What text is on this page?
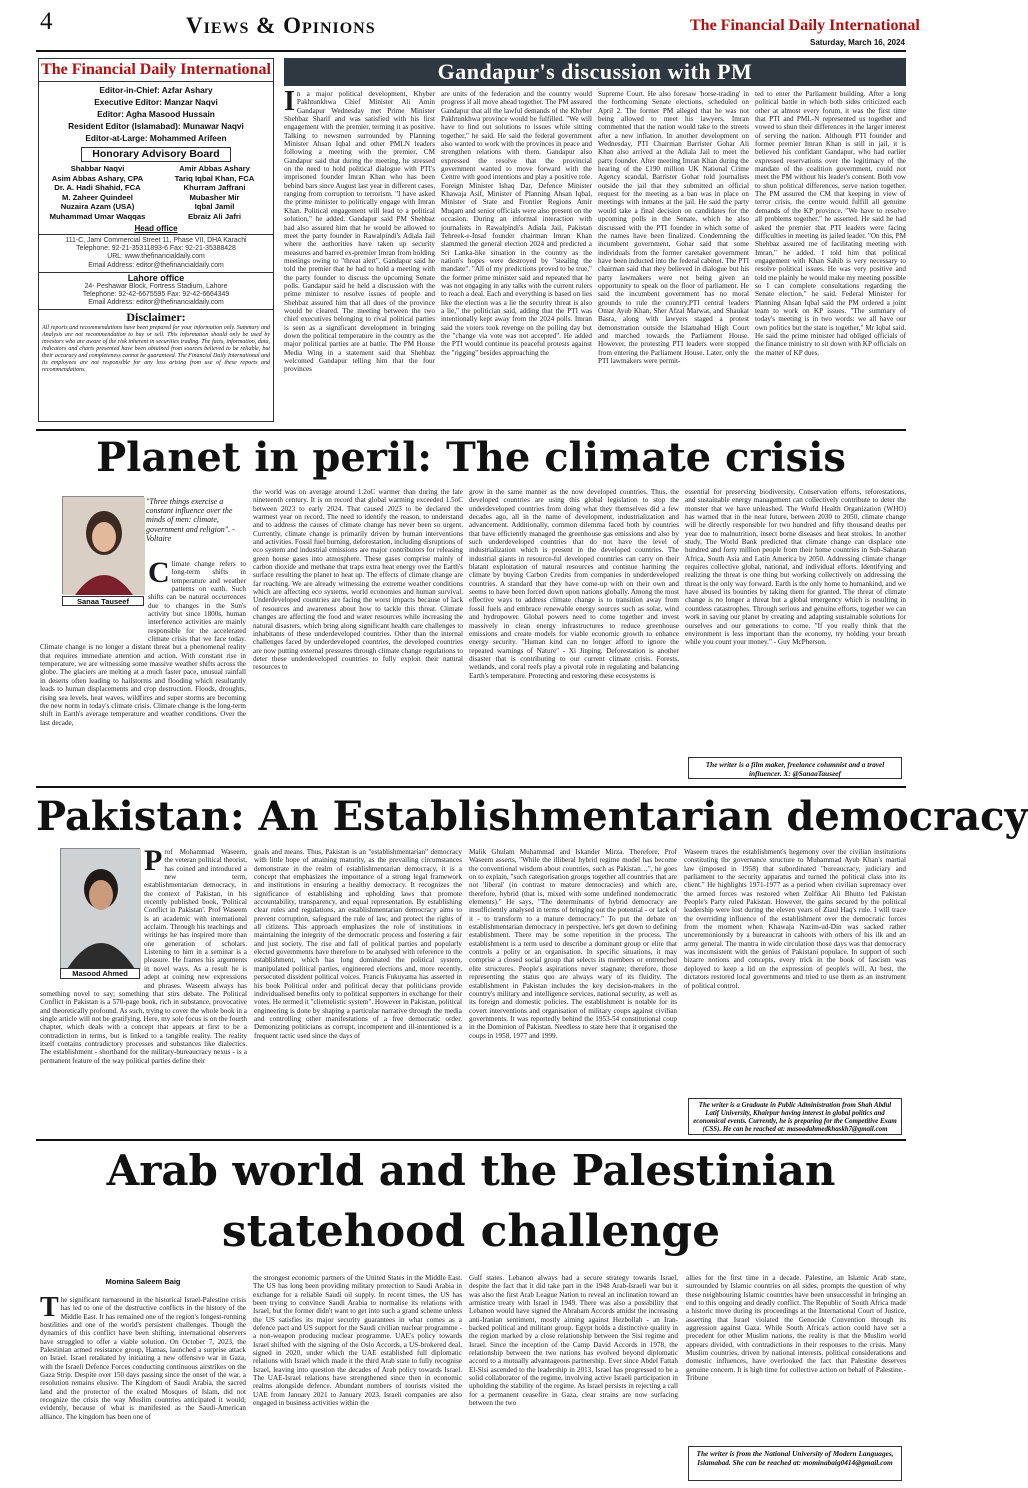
4	Views & Opinions	The Financial Daily International
Saturday, March 16, 2024
The Financial Daily International
Editor-in-Chief: Azfar Ashary
Executive Editor: Manzar Naqvi
Editor: Agha Masood Hussain
Resident Editor (Islamabad): Munawar Naqvi
Editor-at-Large: Mohammed Arifeen
Honorary Advisory Board
Shabbar Naqvi
Asim Abbas Ashary, CPA
Dr. A. Hadi Shahid, FCA
M. Zaheer Quindeel
Nuzaira Azam (USA)
Muhammad Umar Waqqas
Amir Abbas Ashary
Tariq Iqbal Khan, FCA
Khurram Jaffrani
Mubasher Mir
Iqbal Jamil
Ebraiz Ali Jafri
Head office
111-C, Jami Commercial Street 11, Phase VII, DHA Karachi
Telephone: 92-21-35311893-6 Fax: 92-21-35388428
URL: www.thefinancialdaily.com
Email Address: editor@thefinancialdaily.com
Lahore office
24- Peshawar Block, Fortress Stadium, Lahore
Telephone: 92-42-6675595 Fax: 92-42-6664349
Email Address: editor@thefinancialdaily.com
Disclaimer:
All reports and recommendations have been prepared for your information only. Summary and Analysis are not recommendation to buy or sell. This information should only be used by investors who are aware of the risk inherent in securities trading. The facts, information, data, indicators and charts presented have been obtained from sources believed to be reliable, but their accuracy and completeness cannot be guaranteed. The Financial Daily International and its employees are not responsible for any loss arising from use of these reports and recommendations.
Gandapur's discussion with PM
In a major political development, Khyber Pakhtunkhwa Chief Minister Ali Amin Gandapur Wednesday met Prime Minister Shehbaz Sharif and was satisfied with his first engagement with the premier, terming it as positive. Talking to newsmen surrounded by Planning Minister Ahsan Iqbal and other PMLN leaders following a meeting with the premier, CM Gandapur said that during the meeting, he stressed on the need to hold political dialogue with PTI's imprisoned founder Imran Khan who has been behind bars since August last year in different cases, ranging from corruption to terrorism. "I have asked the prime minister to politically engage with Imran Khan. Political engagement will lead to a political solution," he added. Gandapur said PM Shehbaz had also assured him that he would be allowed to meet the party founder in Rawalpindi's Adiala Jail where the authorities have taken up security measures and barred ex-premier Imran from holding meetings owing to "threat alert". Gandapur said he told the premier that he had to hold a meeting with the party founder to discuss the upcoming Senate polls. Gandapur said he held a discussion with the prime minister to resolve issues of people and Shehbaz assured him that all dues of the province would be cleared. The meeting between the two chief executives belonging to rival political parties is seen as a significant development in bringing down the political temperature in the country as the major political parties are at battle. The PM House Media Wing in a statement said that Shehbaz welcomed Gandapur telling him that the four provinces
are units of the federation and the country would progress if all move ahead together. The PM assured Gandapur that all the lawful demands of the Khyber Pakhtunkhwa province would be fulfilled. "We will have to find out solutions to issues while sitting together," he said. He said the federal government also wanted to work with the provinces in peace and strengthen relations with them. Gandapur also expressed the resolve that the provincial government wanted to move forward with the Centre with good intentions and play a positive role. Foreign Minister Ishaq Dar, Defence Minister Khawaja Asif, Minister of Planning Ahsan Iqbal, Minister of State and Frontier Regions Amir Muqam and senior officials were also present on the occasion. During an informal interaction with journalists in Rawalpindi's Adiala Jail, Pakistan Tehreek-e-Insaf founder chairman Imran Khan slammed the general election 2024 and predicted a Sri Lanka-like situation in the country as the nation's hopes were destroyed by "stealing the mandate". "All of my predictions proved to be true," the former prime minister said and repeated that he was not engaging in any talks with the current rulers to reach a deal. Each and everything is based on lies like the election was a lie the security threat is also a lie," the politician said, adding that the PTI was intentionally kept away from the 2024 polls. Imran said the voters took revenge on the polling day but the "change via vote was not accepted". He added the PTI would continue its peaceful protests against the "rigging" besides approaching the
Supreme Court. He also foresaw 'horse-trading' in the forthcoming Senate elections, scheduled on April 2. The former PM alleged that he was not being allowed to meet his lawyers. Imran commented that the nation would take to the streets after a new inflation. In another development on Wednesday, PTI Chairman Barrister Gohar Ali Khan also arrived at the Adiala Jail to meet the party founder. After meeting Imran Khan during the hearing of the £190 million UK National Crime Agency scandal, Barrister Gohar told journalists outside the jail that they submitted an official request for the meeting as a ban was in place on meetings with inmates at the jail. He said the party would take a final decision on candidates for the upcoming polls in the Senate, which he also discussed with the PTI founder in which some of the names have been finalized. Condemning the incumbent government, Gohar said that some individuals from the former caretaker government have been inducted into the federal cabinet. The PTI chairman said that they believed in dialogue but his party lawmakers were not being given an opportunity to speak on the floor of parliament. He said the incumbent government has no moral grounds to rule the country.PTI central leaders Omar Ayub Khan, Sher Afzal Marwat, and Shaukat Basra, along with lawyers staged a protest demonstration outside the Islamabad High Court and marched towards the Parliament House. However, the protesting PTI leaders were stopped from entering the Parliament House. Later, only the PTI lawmakers were permit-
ted to enter the Parliament building. After a long political battle in which both sides criticized each other at almost every forum, it was the first time that PTI and PML-N represented us together and vowed to shun their differences in the larger interest of serving the nation. Although PTI founder and former premier Imran Khan is still in jail, it is believed his confidant Gandapur, who had earlier expressed reservations over the legitimacy of the mandate of the coalition government, could not meet the PM without his leader's consent. Both vow to shun political differences, serve nation together. The PM assured the CM that keeping in view of terror crisis, the centre would fulfill all genuine demands of the KP province. "We have to resolve all problems together," he asserted. He said he had asked the premier that PTI leaders were facing difficulties in meeting its jailed leader. "On this, PM Shehbaz assured me of facilitating meeting with Imran," he added. I told him that political engagement with Khan Sahib is very necessary to resolve political issues. He was very positive and told me plainly he would make my meeting possible so I can complete consultations regarding the Senate election," he said. Federal Minister for Planning Ahsan Iqbal said the PM ordered a joint team to work on KP issues. "The summary of today's meeting is in two words: we all have our own politics but the state is together," Mr Iqbal said. He said the prime minister had obliged officials of the finance ministry to sit down with KP officials on the matter of KP dues.
Planet in peril: The climate crisis
"Three things exercise a constant influence over the minds of men: climate, government and religion". - Voltaire
Sanaa Tauseef
Climate change refers to long-term shifts in temperature and weather patterns on earth. Such shifts can be natural occurrences due to changes in the Sun's activity but since 1800s, human interference activities are mainly responsible for the accelerated climate crisis that we face today. Climate change is no longer a distant threat but a phenomenal reality that requires immediate attention and action. With constant rise in temperature, we are witnessing some massive weather shifts across the globe. The glaciers are melting at a much faster pace, unusual rainfall in deserts often leading to hailstorms and flooding which resultantly leads to human displacements and crop destruction. Floods, droughts, rising sea levels, heat waves, wildfires and super storms are becoming the new norm in today's climate crisis. Climate change is the long-term shift in Earth's average temperature and weather conditions. Over the last decade,
the world was on average around 1.2oC warmer than during the late nineteenth century. It is on record that global warming exceeded 1.5oC between 2023 to early 2024. That caused 2023 to be declared the warmest year on record. The need to identify the reason, to understand and to address the causes of climate change has never been so urgent. Currently, climate change is primarily driven by human interventions and activities. Fossil fuel burning, deforestation, including disruptions of eco system and industrial emissions are major contributors for releasing green house gases into atmosphere. These gases comprise mainly of carbon dioxide and methane that traps extra heat energy over the Earth's surface resulting the planet to heat up. The effects of climate change are far reaching. We are already witnessing the extreme weather conditions which are affecting eco systems, world economies and human survival. Underdeveloped countries are facing the worst impacts because of lack of resources and awareness about how to tackle this threat. Climate changes are affecting the food and water resources while increasing the natural disasters, which bring along significant health care challenges to inhabitants of these underdeveloped countries. Other than the internal challenges faced by underdeveloped countries, the developed countries are now putting external pressures through climate change regulations to deter these underdeveloped countries to fully exploit their natural resources to
grow in the same manner as the now developed countries. Thus, the developed countries are using this global legislation to stop the underdeveloped countries from doing what they themselves did a few decades ago, all in the name of development, industrialization and advancement. Additionally, common dilemma faced both by countries that have efficiently managed the greenhouse gas emissions and also by such underdeveloped countries that do not have the level of industrialization which is present in the developed countries. The industrial giants in resource-ful developed countries can carry on their blatant exploitation of natural resources and continue harming the climate by buying Carbon Credits from companies in underdeveloped countries. A standard that they have come-up with on their own and seems to have been forced down upon nations globally. Among the most effective ways to address climate change is to transition away from fossil fuels and embrace renewable energy sources such as solar, wind and hydropower. Global powers need to come together and invest massively in clean energy infrastructures to reduce greenhouse emissions and create models for viable economic growth to enhance energy security. "Human kind can no longer afford to ignore the repeated warnings of Nature" - Xi Jinping. Deforestation is another disaster that is contributing to our current climate crisis. Forests, wetlands, and coral reefs play a pivotal role in regulating and balancing Earth's temperature. Protecting and restoring these ecosystems is
essential for preserving biodiversity. Conservation efforts, reforestations, and sustainable energy management can collectively contribute to deter the monster that we have unleashed. The World Health Organization (WHO) has warned that in the near future, between 2030 to 2050, climate change will be directly responsible for two hundred and fifty thousand deaths per year due to malnutrition, insect borne diseases and heat strokes. In another study, The World Bank predicted that climate change can displace one hundred and forty million people from their home countries in Sub-Saharan Africa, South Asia and Latin America by 2050. Addressing climate change requires collective global, national, and individual efforts. Identifying and realizing the threat is one thing but working collectively on addressing the threat is the only way forward. Earth is the only home to humankind, and we have abused its bounties by taking them for granted. The threat of climate change is no longer a threat but a global emergency which is resulting in countless catastrophes. Through serious and genuine efforts, together we can work in saving our planet by creating and adapting sustainable solutions for ourselves and our generations to come. "If you really think that the environment is less important than the economy, try holding your breath while you count your money." - Guy McPherson.
The writer is a film maker, freelance columnist and a travel influencer. X: @SanaaTauseef
Pakistan: An Establishmentarian democracy
Masood Ahmed
Prof Mohammad Waseem, the veteran political theorist, has coined and introduced a new term, establishmentarian democracy, in the context of Pakistan, in his recently published book, 'Political Conflict in Pakistan'. Prof Waseem is an academic with international acclaim. Through his teachings and writings he has inspired more than one generation of scholars. Listening to him in a seminar is a pleasure. He frames his arguments in novel ways. As a result he is adept at coining new expressions and phrases. Waseem always has something novel to say; something that stirs debate. The Political Conflict in Pakistan is a 570-page book, rich in substance, provocative and theoretically profound. As such, trying to cover the whole book in a single article will not be gratifying. Here, my sole focus is on the fourth chapter, which deals with a concept that appears at first to be a contradiction in terms, but is linked to a tangible reality. The reality itself contains contradictory processes and substances like dialectics. The establishment - shorthand for the military-bureaucracy nexus - is a permanent feature of the way political parties define their
goals and means. Thus, Pakistan is an "establishmentarian" democracy with little hope of attaining maturity, as the prevailing circumstances demonstrate in the realm of establishmentarian democracy, it is a concept that emphasizes the importance of a strong legal framework and institutions in ensuring a healthy democracy. It recognizes the significance of establishing and upholding laws that promote accountability, transparency, and equal representation. By establishing clear rules and regulations, an establishmentarian democracy aims to prevent corruption, safeguard the rule of law, and protect the rights of all citizens. This approach emphasizes the role of institutions in maintaining the integrity of the democratic process and fostering a fair and just society. The rise and fall of political parties and popularly elected governments have therefore to be analysed with reference to the establishment, which has long dominated the political system, manipulated political parties, engineered elections and, more recently, persecuted dissident political voices. Francis Fukuyama has asserted in his book Political order and political decay that politicians provide individualised benefits only to political supporters in exchange for their votes. He termed it "clientelistic system". However in Pakistan, political engineering is done by shaping a particular narrative through the media and controlling other manifestations of a free democratic order. Demonizing politicians as corrupt, incompetent and ill-intentioned is a frequent tactic used since the days of
Malik Ghulam Muhammad and Iskander Mirza. Therefore, Prof Waseem asserts, "While the illiberal hybrid regime model has become the conventional wisdom about countries, such as Pakistan…", he goes on to explain, "such categorisation groups together all countries that are not 'liberal' (in contrast to mature democracies) and which are, therefore, hybrid (that is, mixed with some undefined nondemocratic elements)." He says, "The determinants of hybrid democracy are insufficiently analysed in terms of bringing out the potential - or lack of it - to transform to a mature democracy." To put the debate on establishmentarian democracy in perspective, let's get down to defining establishment. There may be some repetition in the process. The establishment is a term used to describe a dominant group or elite that controls a polity or an organisation. In specific situations, it may comprise a closed social group that selects its members or entrenched elite structures. People's aspirations never stagnate; therefore, those representing the status quo are always wary of its fluidity. The establishment in Pakistan includes the key decision-makers in the country's military and intelligence services, national security, as well as its foreign and domestic policies. The establishment is notable for its covert interventions and organisation of military coups against civilian governments. It was reportedly behind the 1953-54 constitutional coup in the Dominion of Pakistan. Needless to state here that it organised the coups in 1958, 1977 and 1999.
Waseem traces the establishment's hegemony over the civilian institutions constituting the governance structure to Muhammad Ayub Khan's martial law (imposed in 1958) that subordinated "bureaucracy, judiciary and parliament to the security apparatus and turned the political class into its client." He highlights 1971-1977 as a period when civilian supremacy over the armed forces was restored when Zulfikar Ali Bhutto led Pakistan People's Party ruled Pakistan. However, the gains secured by the political leadership were lost during the eleven years of Ziaul Haq's rule. I will trace the overriding influence of the establishment over the democratic forces from the moment when Khawaja Nazim-ud-Din was sacked rather unceremoniously by a bureaucrat in cahoots with others of his ilk and an army general. The mantra in wide circulation those days was that democracy was inconsistent with the genius of Pakistani populace. In support of such bizarre notions and concepts, every trick in the book of fascism was deployed to keep a lid on the expression of people's will. At best, the dictators restored local governments and tried to use them as an instrument of political control.
The writer is a Graduate in Public Administration from Shah Abdul Latif University, Khairpur having interest in global politics and economical events. Currently, he is preparing for the Competitive Exam (CSS). He can be reached at: masoodahmedkhaskh7@gmail.com
Arab world and the Palestinian
statehood challenge
Momina Saleem Baig
The significant turnaround in the historical Israel-Palestine crisis has led to one of the destructive conflicts in the history of the Middle East. It has remained one of the region's longest-running hostilities and one of the world's persistent challenges. Though the dynamics of this conflict have been shifting, international observers have struggled to offer a viable solution. On October 7, 2023, the Palestinian armed resistance group, Hamas, launched a surprise attack on Israel. Israel retaliated by initiating a new offensive war in Gaza, with the Israeli Defence Forces conducting continuous airstrikes on the Gaza Strip. Despite over 150 days passing since the onset of the war, a resolution remains elusive. The Kingdom of Saudi Arabia, the sacred land and the protector of the exalted Mosques of Islam, did not recognize the crisis the way Muslim countries anticipated it would; evidently, because of what is manifested as the Saudi-American alliance. The kingdom has been one of
the strongest economic partners of the United States in the Middle East. The US has long been providing military protection to Saudi Arabia in exchange for a reliable Saudi oil supply. In recent times, the US has been trying to convince Saudi Arabia to normalise its relations with Israel, but the former didn't want to get into such a grand scheme unless the US satisfies its major security guarantees in what comes as a defence pact and US support for the Saudi civilian nuclear programme - a non-weapon producing nuclear programme. UAE's policy towards Israel shifted with the signing of the Oslo Accords, a US-brokered deal, signed in 2020, under which the UAE established full diplomatic relations with Israel which made it the third Arab state to fully recognise Israel, leaving into question the decades of Arab policy towards Israel. The UAE-Israel relations have strengthened since then in economic realms alongside defence. Abundant numbers of tourists visited the UAE from January 2021 to January 2023. Israeli companies are also engaged in business activities within the
Gulf states. Lebanon always had a secure strategy towards Israel, despite the fact that it did take part in the 1948 Arab-Israeli war but it was also the first Arab League Nation to reveal an inclination toward an armistice treaty with Israel in 1949. There was also a possibility that Lebanon would have signed the Abraham Accords amidst the increasing anti-Iranian sentiment, mostly aiming against Hezbollah - an Iran-backed political and militant group. Egypt holds a distinctive quality in the region marked by a close relationship between the Sisi regime and Israel. Since the inception of the Camp David Accords in 1978, the relationship between the two nations has evolved beyond diplomatic accord to a mutually advantageous partnership. Ever since Abdel Fattah El-Sisi ascended to the leadership in 2013, Israel has progressed to be a solid collaborator of the regime, involving active Israeli participation in upholding the stability of the regime. As Israel persists in rejecting a call for a permanent ceasefire in Gaza, clear strains are now surfacing between the two
allies for the first time in a decade. Palestine, an Islamic Arab state, surrounded by Islamic countries on all sides, prompts the question of why these neighbouring Islamic countries have been unsuccessful in bringing an end to this ongoing and deadly conflict. The Republic of South Africa made a historic move during its proceedings at the International Court of Justice, asserting that Israel violated the Genocide Convention through its aggression against Gaza. While South Africa's action could have set a precedent for other Muslim nations, the reality is that the Muslim world appears divided, with contradictions in their responses to the crisis. Many Muslim countries, driven by national interests, political considerations and domestic influences, have overlooked the fact that Palestine deserves genuine concern. It is high time for collective action on behalf of Palestine.-Tribune
The writer is from the National University of Modern Languages, Islamabad. She can be reached at: mominabaig0414@gmail.com
